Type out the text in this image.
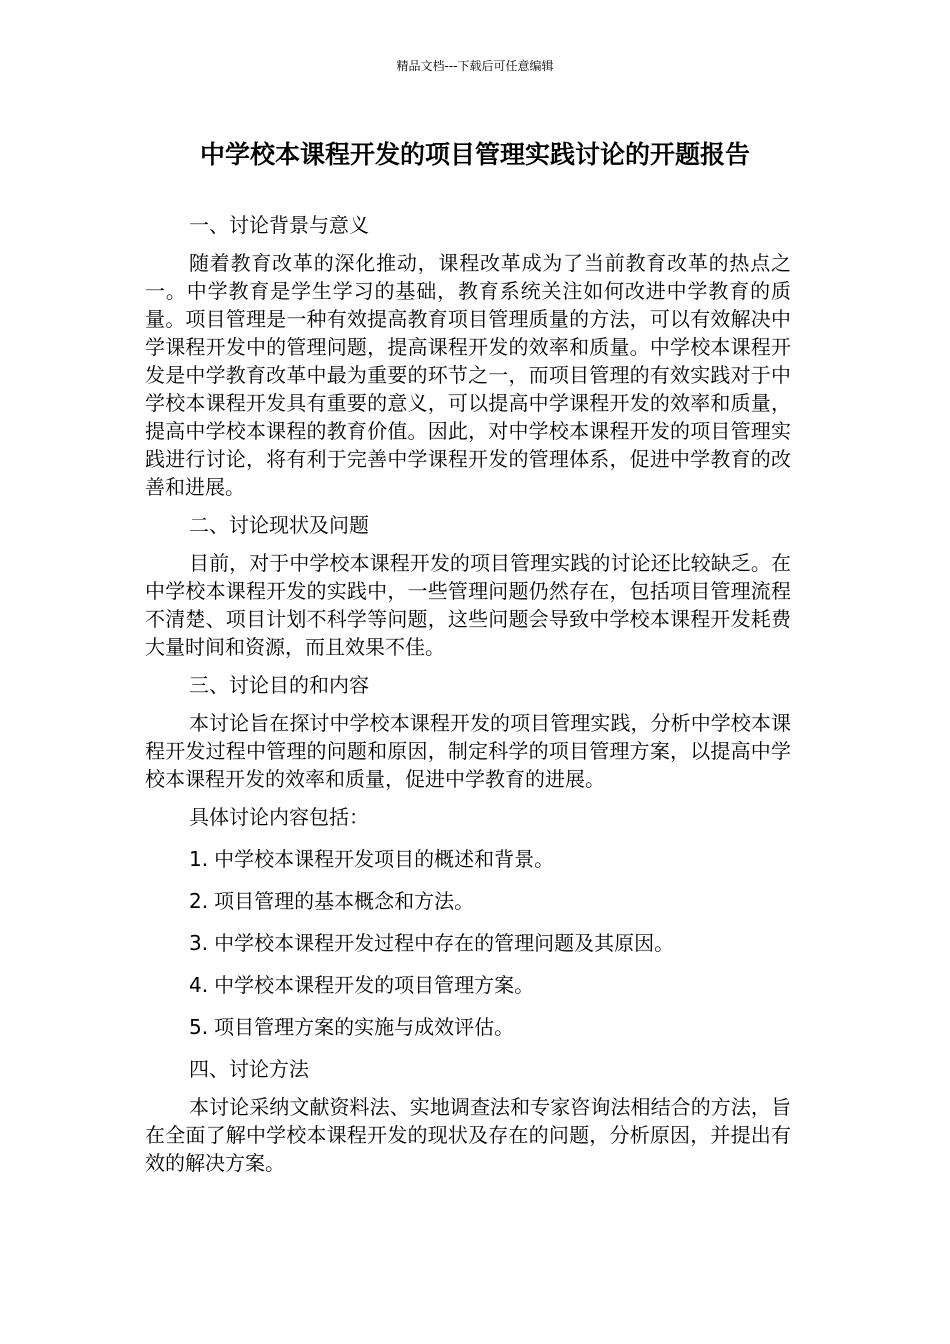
精品文档---下载后可任意编辑
中学校本课程开发的项目管理实践讨论的开题报告

一、讨论背景与意义

随着教育改革的深化推动，课程改革成为了当前教育改革的热点之一。中学教育是学生学习的基础，教育系统关注如何改进中学教育的质量。项目管理是一种有效提高教育项目管理质量的方法，可以有效解决中学课程开发中的管理问题，提高课程开发的效率和质量。中学校本课程开发是中学教育改革中最为重要的环节之一，而项目管理的有效实践对于中学校本课程开发具有重要的意义，可以提高中学课程开发的效率和质量，提高中学校本课程的教育价值。因此，对中学校本课程开发的项目管理实践进行讨论，将有利于完善中学课程开发的管理体系，促进中学教育的改善和进展。

二、讨论现状及问题

目前，对于中学校本课程开发的项目管理实践的讨论还比较缺乏。在中学校本课程开发的实践中，一些管理问题仍然存在，包括项目管理流程不清楚、项目计划不科学等问题，这些问题会导致中学校本课程开发耗费大量时间和资源，而且效果不佳。

三、讨论目的和内容

本讨论旨在探讨中学校本课程开发的项目管理实践，分析中学校本课程开发过程中管理的问题和原因，制定科学的项目管理方案，以提高中学校本课程开发的效率和质量，促进中学教育的进展。

具体讨论内容包括：

1. 中学校本课程开发项目的概述和背景。

2. 项目管理的基本概念和方法。

3. 中学校本课程开发过程中存在的管理问题及其原因。

4. 中学校本课程开发的项目管理方案。

5. 项目管理方案的实施与成效评估。

四、讨论方法

本讨论采纳文献资料法、实地调查法和专家咨询法相结合的方法，旨在全面了解中学校本课程开发的现状及存在的问题，分析原因，并提出有效的解决方案。
